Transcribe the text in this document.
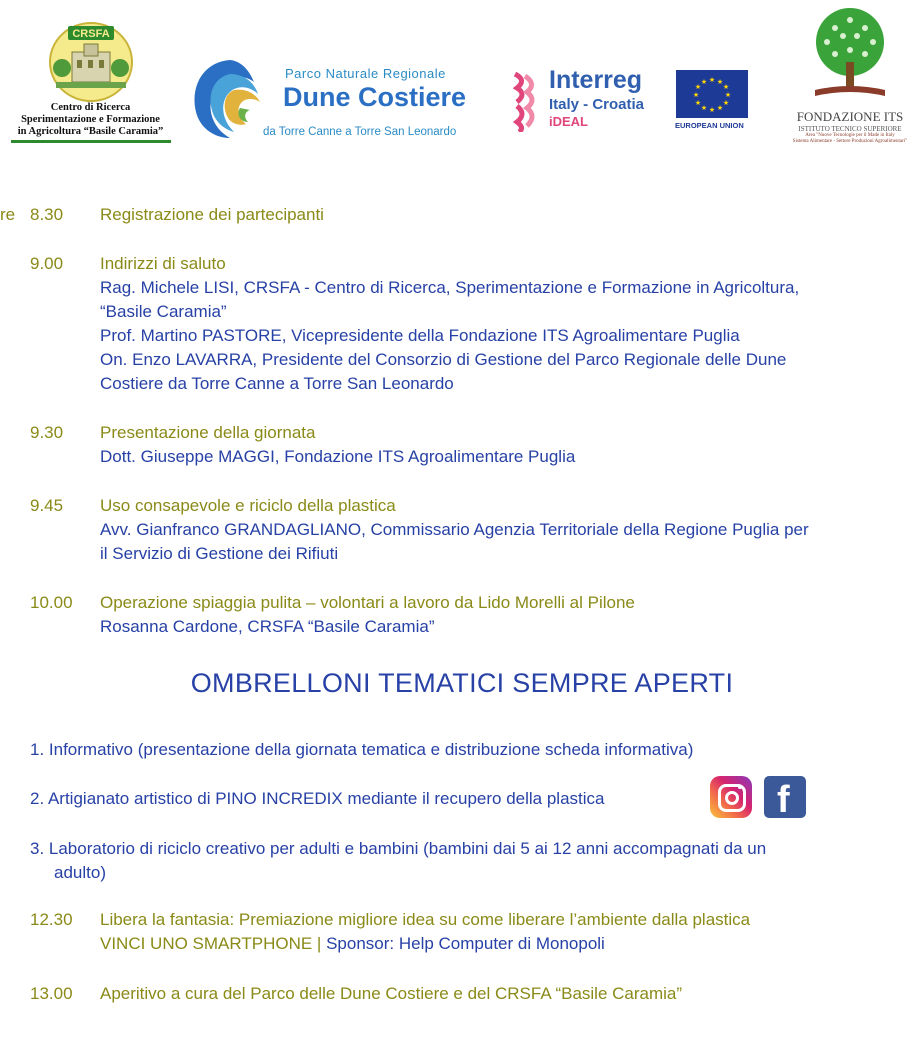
CRSFA
Centro di Ricerca
Sperimentazione e Formazione
in Agricoltura “Basile Caramia”
Parco Naturale Regionale
Dune Costiere
da Torre Canne a Torre San Leonardo
Interreg
Italy - Croatia
iDEAL
★ ★
★
★
★
★
★
★
★
★
★
★
EUROPEAN UNION
FONDAZIONE ITS
ISTITUTO TECNICO SUPERIORE
Area "Nuove Tecnologie per il Made in Italy
Sistema Alimentare - Settore Produzioni Agroalimentari"
re 8.30 Registrazione dei partecipanti
9.00 Indirizzi di saluto
Rag. Michele LISI, CRSFA - Centro di Ricerca, Sperimentazione e Formazione in Agricoltura,
“Basile Caramia”
Prof. Martino PASTORE, Vicepresidente della Fondazione ITS Agroalimentare Puglia
On. Enzo LAVARRA, Presidente del Consorzio di Gestione del Parco Regionale delle Dune
Costiere da Torre Canne a Torre San Leonardo
9.30 Presentazione della giornata
Dott. Giuseppe MAGGI, Fondazione ITS Agroalimentare Puglia
9.45 Uso consapevole e riciclo della plastica
Avv. Gianfranco GRANDAGLIANO, Commissario Agenzia Territoriale della Regione Puglia per
il Servizio di Gestione dei Rifiuti
10.00 Operazione spiaggia pulita – volontari a lavoro da Lido Morelli al Pilone
Rosanna Cardone, CRSFA “Basile Caramia”
OMBRELLONI TEMATICI SEMPRE APERTI
1. Informativo (presentazione della giornata tematica e distribuzione scheda informativa)
2. Artigianato artistico di PINO INCREDIX mediante il recupero della plastica	f
3. Laboratorio di riciclo creativo per adulti e bambini (bambini dai 5 ai 12 anni accompagnati da un
adulto)
12.30 Libera la fantasia: Premiazione migliore idea su come liberare l’ambiente dalla plastica
VINCI UNO SMARTPHONE | Sponsor: Help Computer di Monopoli
13.00 Aperitivo a cura del Parco delle Dune Costiere e del CRSFA “Basile Caramia”
